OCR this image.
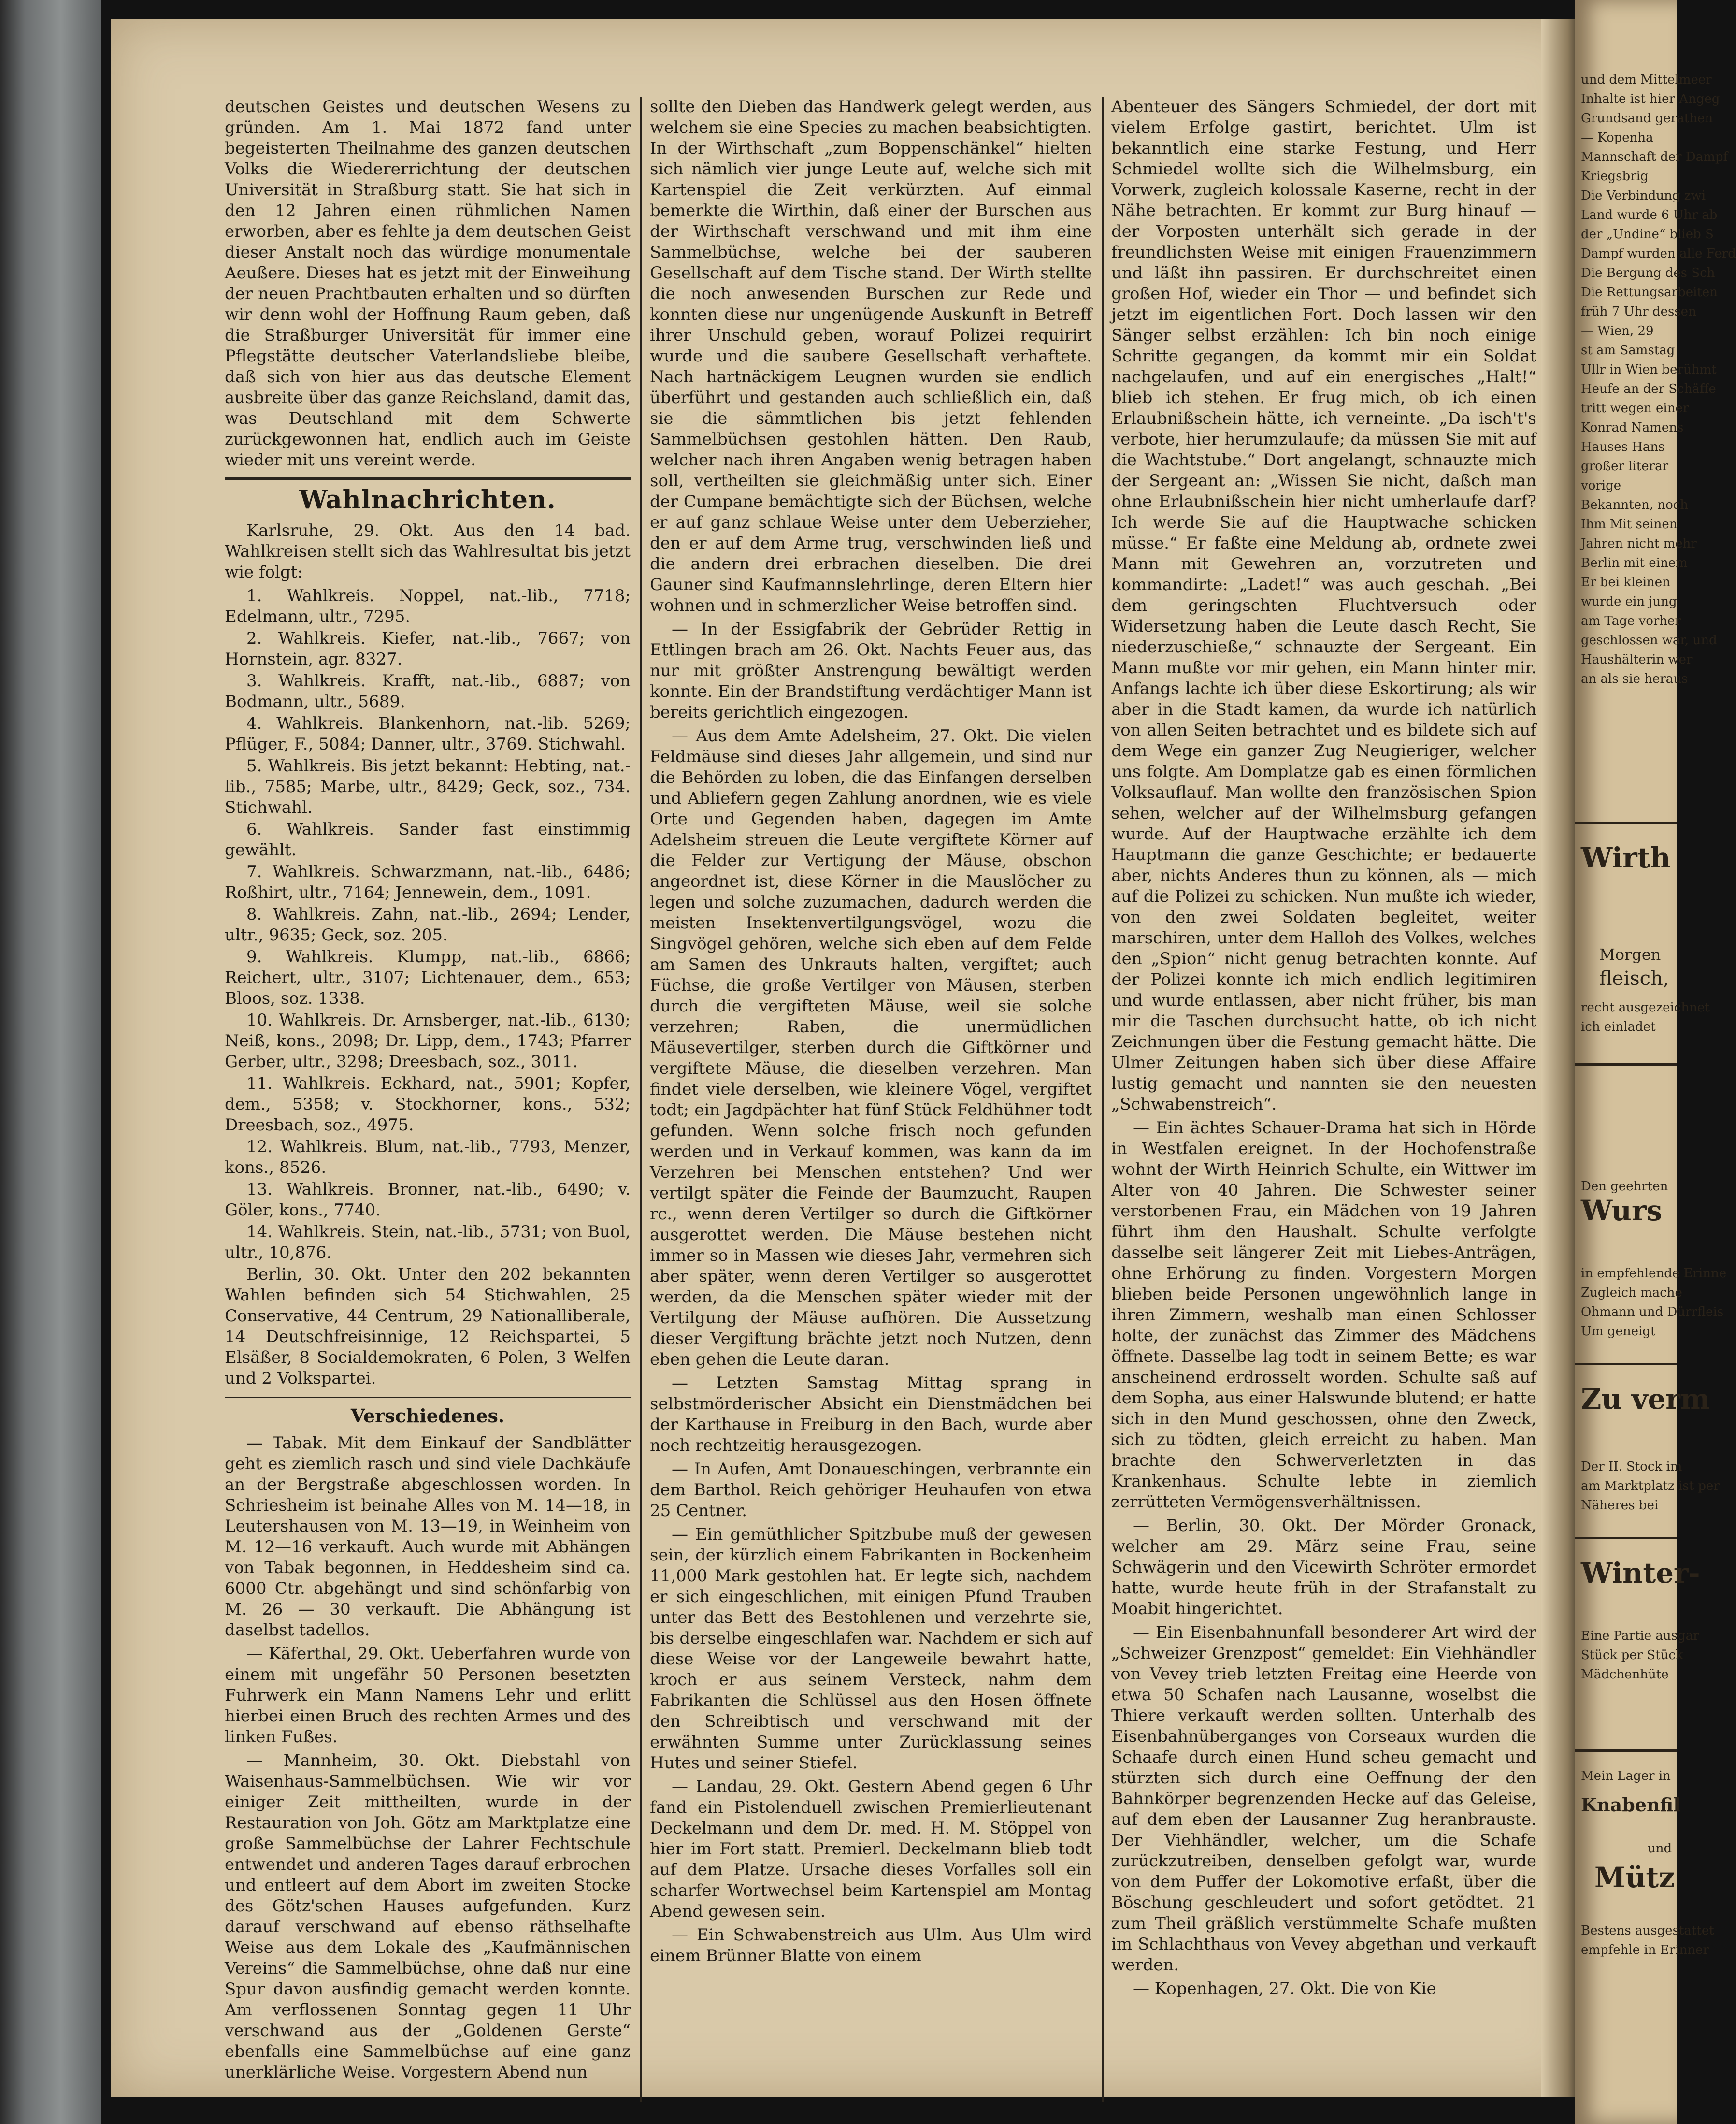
deutschen Geistes und deutschen Wesens zu gründen. Am 1. Mai 1872 fand unter begeisterten Theilnahme des ganzen deutschen Volks die Wiedererrichtung der deutschen Universität in Straßburg statt. Sie hat sich in den 12 Jahren einen rühmlichen Namen erworben, aber es fehlte ja dem deutschen Geist dieser Anstalt noch das würdige monumentale Aeußere. Dieses hat es jetzt mit der Einweihung der neuen Prachtbauten erhalten und so dürften wir denn wohl der Hoffnung Raum geben, daß die Straßburger Universität für immer eine Pflegstätte deutscher Vaterlandsliebe bleibe, daß sich von hier aus das deutsche Element ausbreite über das ganze Reichsland, damit das, was Deutschland mit dem Schwerte zurückgewonnen hat, endlich auch im Geiste wieder mit uns vereint werde.

Wahlnachrichten.

Karlsruhe, 29. Okt. Aus den 14 bad. Wahlkreisen stellt sich das Wahlresultat bis jetzt wie folgt:

1. Wahlkreis. Noppel, nat.-lib., 7718; Edelmann, ultr., 7295.

2. Wahlkreis. Kiefer, nat.-lib., 7667; von Hornstein, agr. 8327.

3. Wahlkreis. Krafft, nat.-lib., 6887; von Bodmann, ultr., 5689.

4. Wahlkreis. Blankenhorn, nat.-lib. 5269; Pflüger, F., 5084; Danner, ultr., 3769. Stichwahl.

5. Wahlkreis. Bis jetzt bekannt: Hebting, nat.-lib., 7585; Marbe, ultr., 8429; Geck, soz., 734. Stichwahl.

6. Wahlkreis. Sander fast einstimmig gewählt.

7. Wahlkreis. Schwarzmann, nat.-lib., 6486; Roßhirt, ultr., 7164; Jennewein, dem., 1091.

8. Wahlkreis. Zahn, nat.-lib., 2694; Lender, ultr., 9635; Geck, soz. 205.

9. Wahlkreis. Klumpp, nat.-lib., 6866; Reichert, ultr., 3107; Lichtenauer, dem., 653; Bloos, soz. 1338.

10. Wahlkreis. Dr. Arnsberger, nat.-lib., 6130; Neiß, kons., 2098; Dr. Lipp, dem., 1743; Pfarrer Gerber, ultr., 3298; Dreesbach, soz., 3011.

11. Wahlkreis. Eckhard, nat., 5901; Kopfer, dem., 5358; v. Stockhorner, kons., 532; Dreesbach, soz., 4975.

12. Wahlkreis. Blum, nat.-lib., 7793, Menzer, kons., 8526.

13. Wahlkreis. Bronner, nat.-lib., 6490; v. Göler, kons., 7740.

14. Wahlkreis. Stein, nat.-lib., 5731; von Buol, ultr., 10,876.

Berlin, 30. Okt. Unter den 202 bekannten Wahlen befinden sich 54 Stichwahlen, 25 Conservative, 44 Centrum, 29 Nationalliberale, 14 Deutschfreisinnige, 12 Reichspartei, 5 Elsäßer, 8 Socialdemokraten, 6 Polen, 3 Welfen und 2 Volkspartei.

Verschiedenes.

— Tabak. Mit dem Einkauf der Sandblätter geht es ziemlich rasch und sind viele Dachkäufe an der Bergstraße abgeschlossen worden. In Schriesheim ist beinahe Alles von M. 14—18, in Leutershausen von M. 13—19, in Weinheim von M. 12—16 verkauft. Auch wurde mit Abhängen von Tabak begonnen, in Heddesheim sind ca. 6000 Ctr. abgehängt und sind schönfarbig von M. 26 — 30 verkauft. Die Abhängung ist daselbst tadellos.

— Käferthal, 29. Okt. Ueberfahren wurde von einem mit ungefähr 50 Personen besetzten Fuhrwerk ein Mann Namens Lehr und erlitt hierbei einen Bruch des rechten Armes und des linken Fußes.

— Mannheim, 30. Okt. Diebstahl von Waisenhaus-Sammelbüchsen. Wie wir vor einiger Zeit mittheilten, wurde in der Restauration von Joh. Götz am Marktplatze eine große Sammelbüchse der Lahrer Fechtschule entwendet und anderen Tages darauf erbrochen und entleert auf dem Abort im zweiten Stocke des Götz'schen Hauses aufgefunden. Kurz darauf verschwand auf ebenso räthselhafte Weise aus dem Lokale des „Kaufmännischen Vereins“ die Sammelbüchse, ohne daß nur eine Spur davon ausfindig gemacht werden konnte. Am verflossenen Sonntag gegen 11 Uhr verschwand aus der „Goldenen Gerste“ ebenfalls eine Sammelbüchse auf eine ganz unerklärliche Weise. Vorgestern Abend nun

sollte den Dieben das Handwerk gelegt werden, aus welchem sie eine Species zu machen beabsichtigten. In der Wirthschaft „zum Boppenschänkel“ hielten sich nämlich vier junge Leute auf, welche sich mit Kartenspiel die Zeit verkürzten. Auf einmal bemerkte die Wirthin, daß einer der Burschen aus der Wirthschaft verschwand und mit ihm eine Sammelbüchse, welche bei der sauberen Gesellschaft auf dem Tische stand. Der Wirth stellte die noch anwesenden Burschen zur Rede und konnten diese nur ungenügende Auskunft in Betreff ihrer Unschuld geben, worauf Polizei requirirt wurde und die saubere Gesellschaft verhaftete. Nach hartnäckigem Leugnen wurden sie endlich überführt und gestanden auch schließlich ein, daß sie die sämmtlichen bis jetzt fehlenden Sammelbüchsen gestohlen hätten. Den Raub, welcher nach ihren Angaben wenig betragen haben soll, vertheilten sie gleichmäßig unter sich. Einer der Cumpane bemächtigte sich der Büchsen, welche er auf ganz schlaue Weise unter dem Ueberzieher, den er auf dem Arme trug, verschwinden ließ und die andern drei erbrachen dieselben. Die drei Gauner sind Kaufmannslehrlinge, deren Eltern hier wohnen und in schmerzlicher Weise betroffen sind.

— In der Essigfabrik der Gebrüder Rettig in Ettlingen brach am 26. Okt. Nachts Feuer aus, das nur mit größter Anstrengung bewältigt werden konnte. Ein der Brandstiftung verdächtiger Mann ist bereits gerichtlich eingezogen.

— Aus dem Amte Adelsheim, 27. Okt. Die vielen Feldmäuse sind dieses Jahr allgemein, und sind nur die Behörden zu loben, die das Einfangen derselben und Abliefern gegen Zahlung anordnen, wie es viele Orte und Gegenden haben, dagegen im Amte Adelsheim streuen die Leute vergiftete Körner auf die Felder zur Vertigung der Mäuse, obschon angeordnet ist, diese Körner in die Mauslöcher zu legen und solche zuzumachen, dadurch werden die meisten Insektenvertilgungsvögel, wozu die Singvögel gehören, welche sich eben auf dem Felde am Samen des Unkrauts halten, vergiftet; auch Füchse, die große Vertilger von Mäusen, sterben durch die vergifteten Mäuse, weil sie solche verzehren; Raben, die unermüdlichen Mäusevertilger, sterben durch die Giftkörner und vergiftete Mäuse, die dieselben verzehren. Man findet viele derselben, wie kleinere Vögel, vergiftet todt; ein Jagdpächter hat fünf Stück Feldhühner todt gefunden. Wenn solche frisch noch gefunden werden und in Verkauf kommen, was kann da im Verzehren bei Menschen entstehen? Und wer vertilgt später die Feinde der Baumzucht, Raupen rc., wenn deren Vertilger so durch die Giftkörner ausgerottet werden. Die Mäuse bestehen nicht immer so in Massen wie dieses Jahr, vermehren sich aber später, wenn deren Vertilger so ausgerottet werden, da die Menschen später wieder mit der Vertilgung der Mäuse aufhören. Die Aussetzung dieser Vergiftung brächte jetzt noch Nutzen, denn eben gehen die Leute daran.

— Letzten Samstag Mittag sprang in selbstmörderischer Absicht ein Dienstmädchen bei der Karthause in Freiburg in den Bach, wurde aber noch rechtzeitig herausgezogen.

— In Aufen, Amt Donaueschingen, verbrannte ein dem Barthol. Reich gehöriger Heuhaufen von etwa 25 Centner.

— Ein gemüthlicher Spitzbube muß der gewesen sein, der kürzlich einem Fabrikanten in Bockenheim 11,000 Mark gestohlen hat. Er legte sich, nachdem er sich eingeschlichen, mit einigen Pfund Trauben unter das Bett des Bestohlenen und verzehrte sie, bis derselbe eingeschlafen war. Nachdem er sich auf diese Weise vor der Langeweile bewahrt hatte, kroch er aus seinem Versteck, nahm dem Fabrikanten die Schlüssel aus den Hosen öffnete den Schreibtisch und verschwand mit der erwähnten Summe unter Zurücklassung seines Hutes und seiner Stiefel.

— Landau, 29. Okt. Gestern Abend gegen 6 Uhr fand ein Pistolenduell zwischen Premierlieutenant Deckelmann und dem Dr. med. H. M. Stöppel von hier im Fort statt. Premierl. Deckelmann blieb todt auf dem Platze. Ursache dieses Vorfalles soll ein scharfer Wortwechsel beim Kartenspiel am Montag Abend gewesen sein.

— Ein Schwabenstreich aus Ulm. Aus Ulm wird einem Brünner Blatte von einem

Abenteuer des Sängers Schmiedel, der dort mit vielem Erfolge gastirt, berichtet. Ulm ist bekanntlich eine starke Festung, und Herr Schmiedel wollte sich die Wilhelmsburg, ein Vorwerk, zugleich kolossale Kaserne, recht in der Nähe betrachten. Er kommt zur Burg hinauf — der Vorposten unterhält sich gerade in der freundlichsten Weise mit einigen Frauenzimmern und läßt ihn passiren. Er durchschreitet einen großen Hof, wieder ein Thor — und befindet sich jetzt im eigentlichen Fort. Doch lassen wir den Sänger selbst erzählen: Ich bin noch einige Schritte gegangen, da kommt mir ein Soldat nachgelaufen, und auf ein energisches „Halt!“ blieb ich stehen. Er frug mich, ob ich einen Erlaubnißschein hätte, ich verneinte. „Da isch't's verbote, hier herumzulaufe; da müssen Sie mit auf die Wachtstube.“ Dort angelangt, schnauzte mich der Sergeant an: „Wissen Sie nicht, daßch man ohne Erlaubnißschein hier nicht umherlaufe darf? Ich werde Sie auf die Hauptwache schicken müsse.“ Er faßte eine Meldung ab, ordnete zwei Mann mit Gewehren an, vorzutreten und kommandirte: „Ladet!“ was auch geschah. „Bei dem geringschten Fluchtversuch oder Widersetzung haben die Leute dasch Recht, Sie niederzuschieße,“ schnauzte der Sergeant. Ein Mann mußte vor mir gehen, ein Mann hinter mir. Anfangs lachte ich über diese Eskortirung; als wir aber in die Stadt kamen, da wurde ich natürlich von allen Seiten betrachtet und es bildete sich auf dem Wege ein ganzer Zug Neugieriger, welcher uns folgte. Am Domplatze gab es einen förmlichen Volksauflauf. Man wollte den französischen Spion sehen, welcher auf der Wilhelmsburg gefangen wurde. Auf der Hauptwache erzählte ich dem Hauptmann die ganze Geschichte; er bedauerte aber, nichts Anderes thun zu können, als — mich auf die Polizei zu schicken. Nun mußte ich wieder, von den zwei Soldaten begleitet, weiter marschiren, unter dem Halloh des Volkes, welches den „Spion“ nicht genug betrachten konnte. Auf der Polizei konnte ich mich endlich legitimiren und wurde entlassen, aber nicht früher, bis man mir die Taschen durchsucht hatte, ob ich nicht Zeichnungen über die Festung gemacht hätte. Die Ulmer Zeitungen haben sich über diese Affaire lustig gemacht und nannten sie den neuesten „Schwabenstreich“.

— Ein ächtes Schauer-Drama hat sich in Hörde in Westfalen ereignet. In der Hochofenstraße wohnt der Wirth Heinrich Schulte, ein Wittwer im Alter von 40 Jahren. Die Schwester seiner verstorbenen Frau, ein Mädchen von 19 Jahren führt ihm den Haushalt. Schulte verfolgte dasselbe seit längerer Zeit mit Liebes-Anträgen, ohne Erhörung zu finden. Vorgestern Morgen blieben beide Personen ungewöhnlich lange in ihren Zimmern, weshalb man einen Schlosser holte, der zunächst das Zimmer des Mädchens öffnete. Dasselbe lag todt in seinem Bette; es war anscheinend erdrosselt worden. Schulte saß auf dem Sopha, aus einer Halswunde blutend; er hatte sich in den Mund geschossen, ohne den Zweck, sich zu tödten, gleich erreicht zu haben. Man brachte den Schwerverletzten in das Krankenhaus. Schulte lebte in ziemlich zerrütteten Vermögensverhältnissen.

— Berlin, 30. Okt. Der Mörder Gronack, welcher am 29. März seine Frau, seine Schwägerin und den Vicewirth Schröter ermordet hatte, wurde heute früh in der Strafanstalt zu Moabit hingerichtet.

— Ein Eisenbahnunfall besonderer Art wird der „Schweizer Grenzpost“ gemeldet: Ein Viehhändler von Vevey trieb letzten Freitag eine Heerde von etwa 50 Schafen nach Lausanne, woselbst die Thiere verkauft werden sollten. Unterhalb des Eisenbahnüberganges von Corseaux wurden die Schaafe durch einen Hund scheu gemacht und stürzten sich durch eine Oeffnung der den Bahnkörper begrenzenden Hecke auf das Geleise, auf dem eben der Lausanner Zug heranbrauste. Der Viehhändler, welcher, um die Schafe zurückzutreiben, denselben gefolgt war, wurde von dem Puffer der Lokomotive erfaßt, über die Böschung geschleudert und sofort getödtet. 21 zum Theil gräßlich verstümmelte Schafe mußten im Schlachthaus von Vevey abgethan und verkauft werden.

— Kopenhagen, 27. Okt. Die von Kie

und dem Mittelmeer
Inhalte ist hier Angeg
Grundsand gerathen
— Kopenha
Mannschaft der Dampf
Kriegsbrig
Die Verbindung zwi
Land wurde 6 Uhr ab
der „Undine“ blieb S
Dampf wurden alle Ferd
Die Bergung des Sch
Die Rettungsarbeiten
früh 7 Uhr dessen
— Wien, 29
st am Samstag
Ullr in Wien berühmt
Heufe an der Schäffe
tritt wegen einer
Konrad Namens
Hauses Hans
großer literar
vorige
Bekannten, noch
Ihm Mit seinen
Jahren nicht mehr
Berlin mit einem
Er bei kleinen
wurde ein jung
am Tage vorher
geschlossen war, und
Haushälterin wer
an als sie heraus
Wirth
Morgen
fleisch,
recht ausgezeichnet
ich einladet
Den geehrten
Wurs
in empfehlende Erinne
Zugleich mache
Ohmann und Dürrfleis
Um geneigt
Zu verm
Der II. Stock im
am Marktplatz ist per
Näheres bei
Winter-
Eine Partie ausgar
Stück per Stück
Mädchenhüte
Mein Lager in
Knabenfil
und
Mütz
Bestens ausgestattet
empfehle in Erinner
